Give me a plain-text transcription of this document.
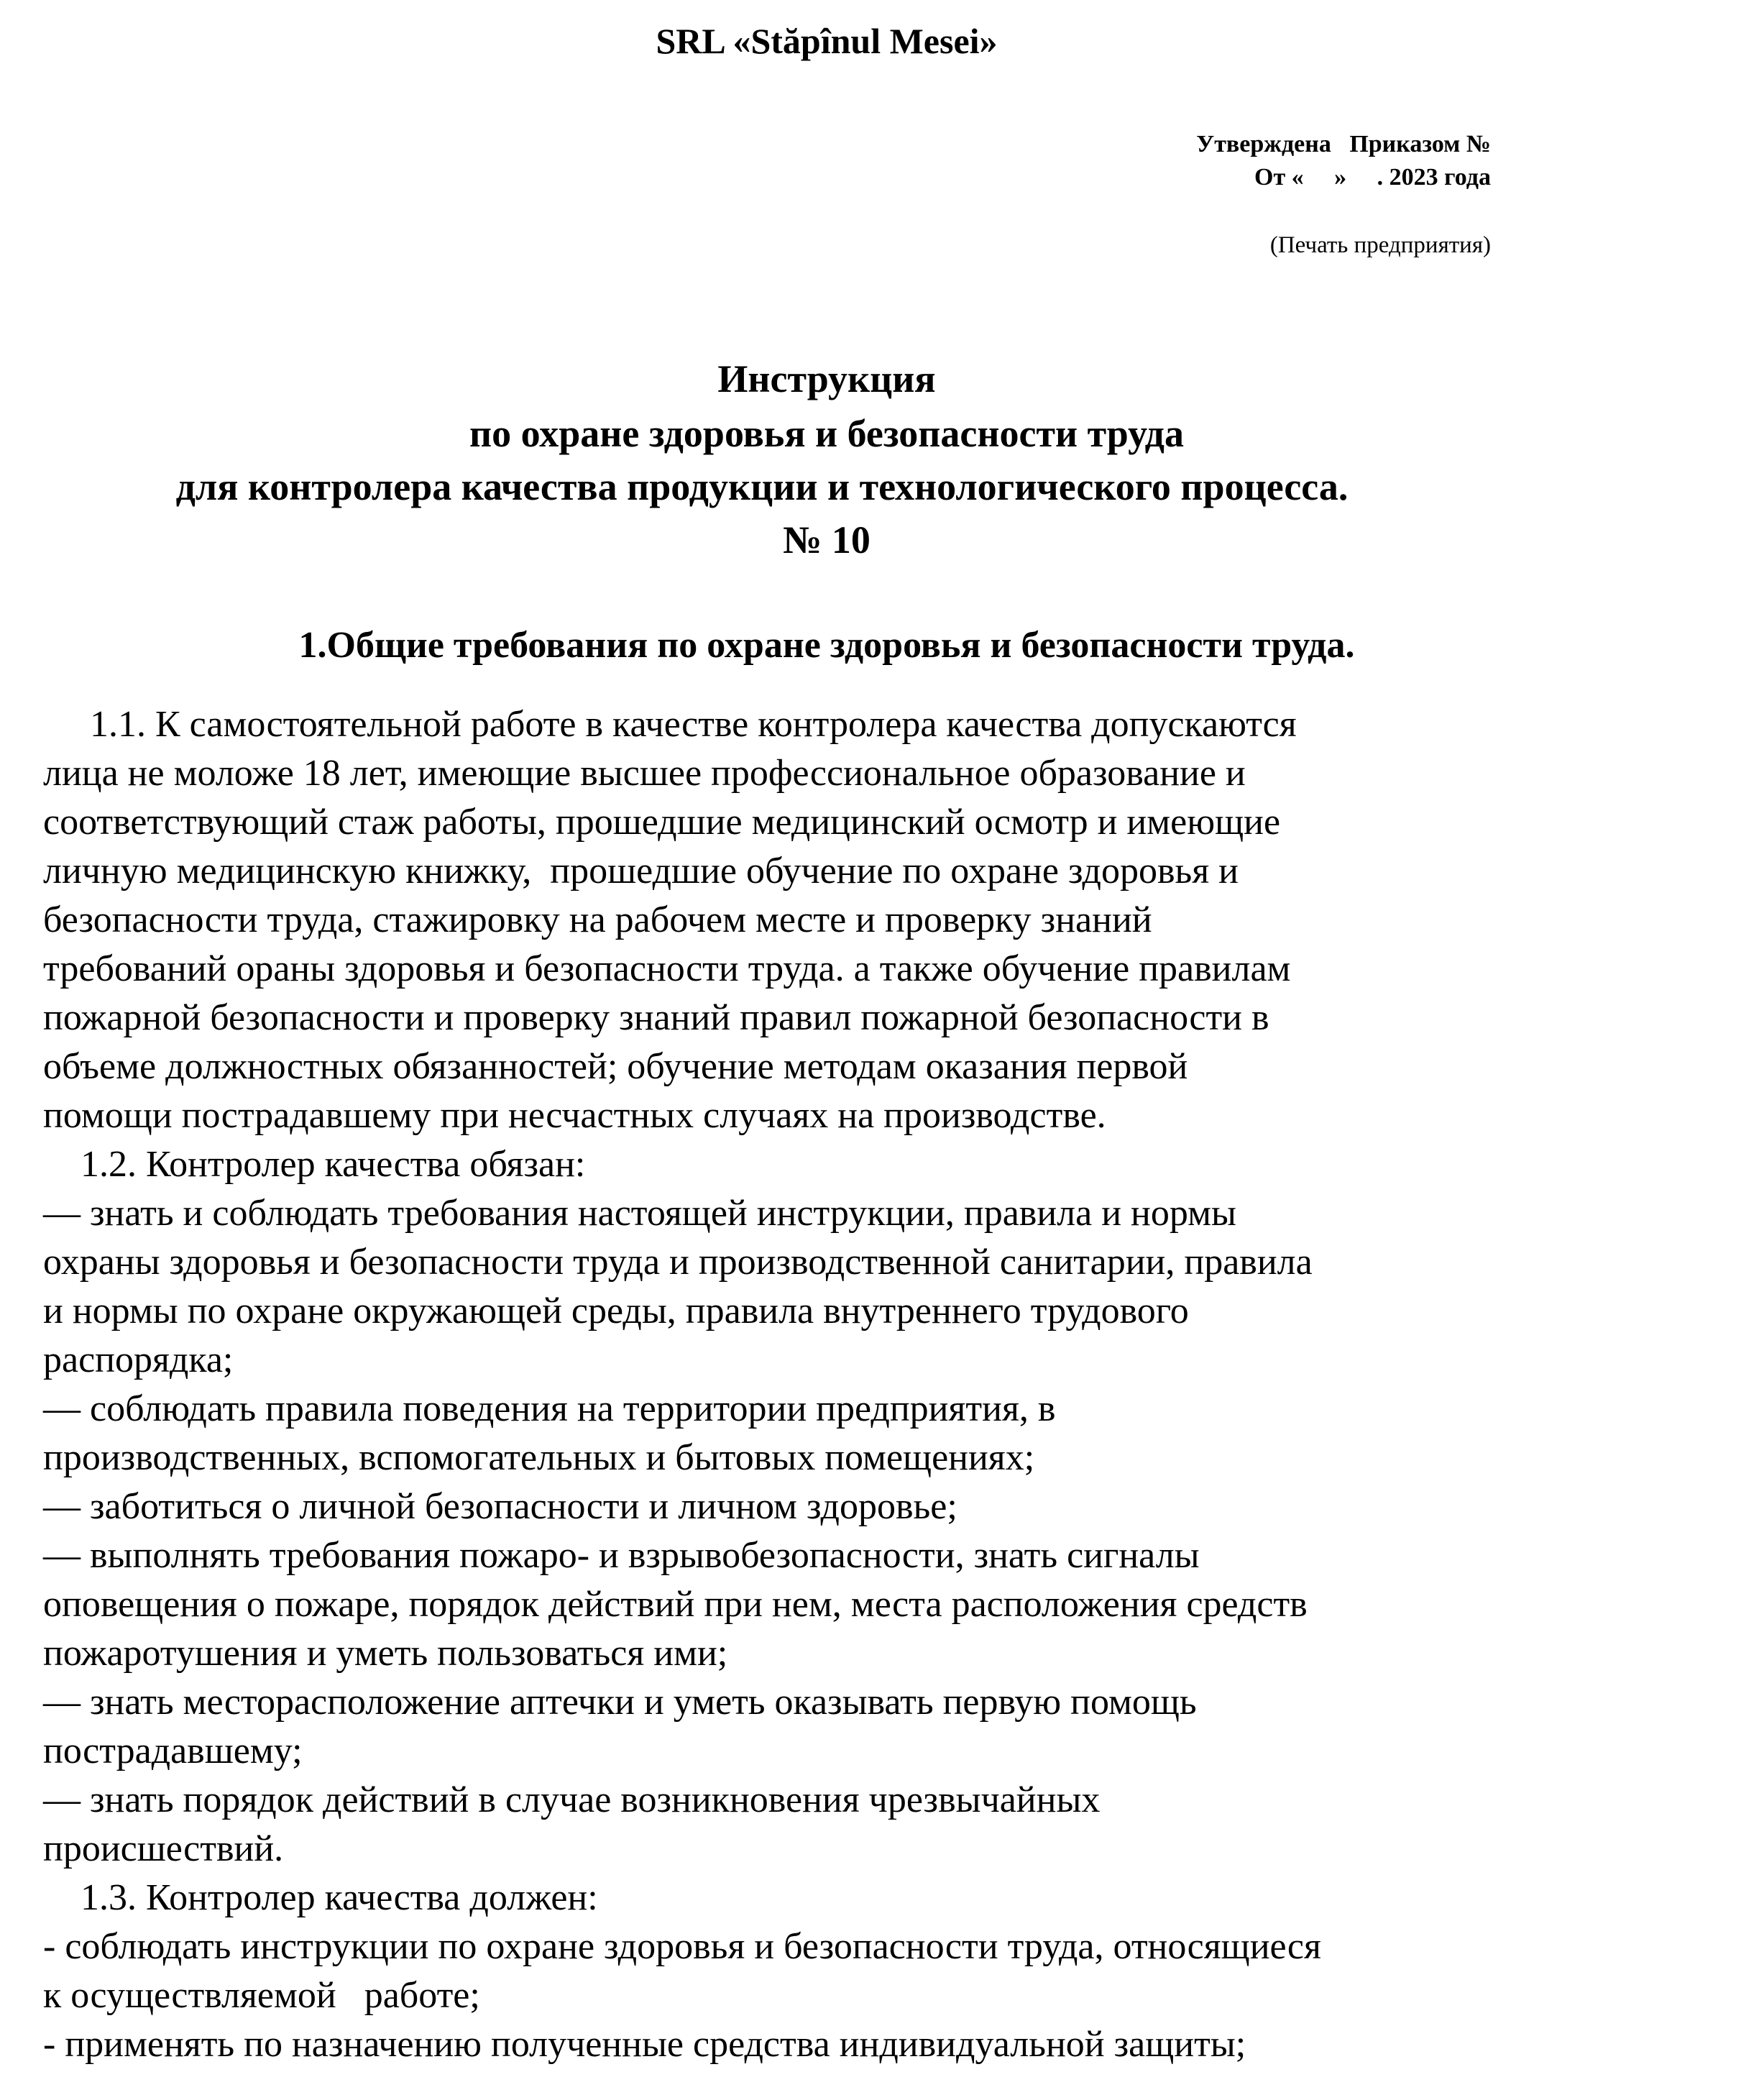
SRL «Stăpînul Mesei»
Утверждена   Приказом №
От «     »     . 2023 года
(Печать предприятия)
Инструкция
по охране здоровья и безопасности труда
для контролера качества продукции и технологического процесса.
№ 10
1.Общие требования по охране здоровья и безопасности труда.
1.1. К самостоятельной работе в качестве контролера качества допускаются
лица не моложе 18 лет, имеющие высшее профессиональное образование и
соответствующий стаж работы, прошедшие медицинский осмотр и имеющие
личную медицинскую книжку,  прошедшие обучение по охране здоровья и
безопасности труда, стажировку на рабочем месте и проверку знаний
требований ораны здоровья и безопасности труда. а также обучение правилам
пожарной безопасности и проверку знаний правил пожарной безопасности в
объеме должностных обязанностей; обучение методам оказания первой
помощи пострадавшему при несчастных случаях на производстве.
1.2. Контролер качества обязан:
— знать и соблюдать требования настоящей инструкции, правила и нормы
охраны здоровья и безопасности труда и производственной санитарии, правила
и нормы по охране окружающей среды, правила внутреннего трудового
распорядка;
— соблюдать правила поведения на территории предприятия, в
производственных, вспомогательных и бытовых помещениях;
— заботиться о личной безопасности и личном здоровье;
— выполнять требования пожаро- и взрывобезопасности, знать сигналы
оповещения о пожаре, порядок действий при нем, места расположения средств
пожаротушения и уметь пользоваться ими;
— знать месторасположение аптечки и уметь оказывать первую помощь
пострадавшему;
— знать порядок действий в случае возникновения чрезвычайных
происшествий.
1.3. Контролер качества должен:
- соблюдать инструкции по охране здоровья и безопасности труда, относящиеся
к осуществляемой   работе;
- применять по назначению полученные средства индивидуальной защиты;
